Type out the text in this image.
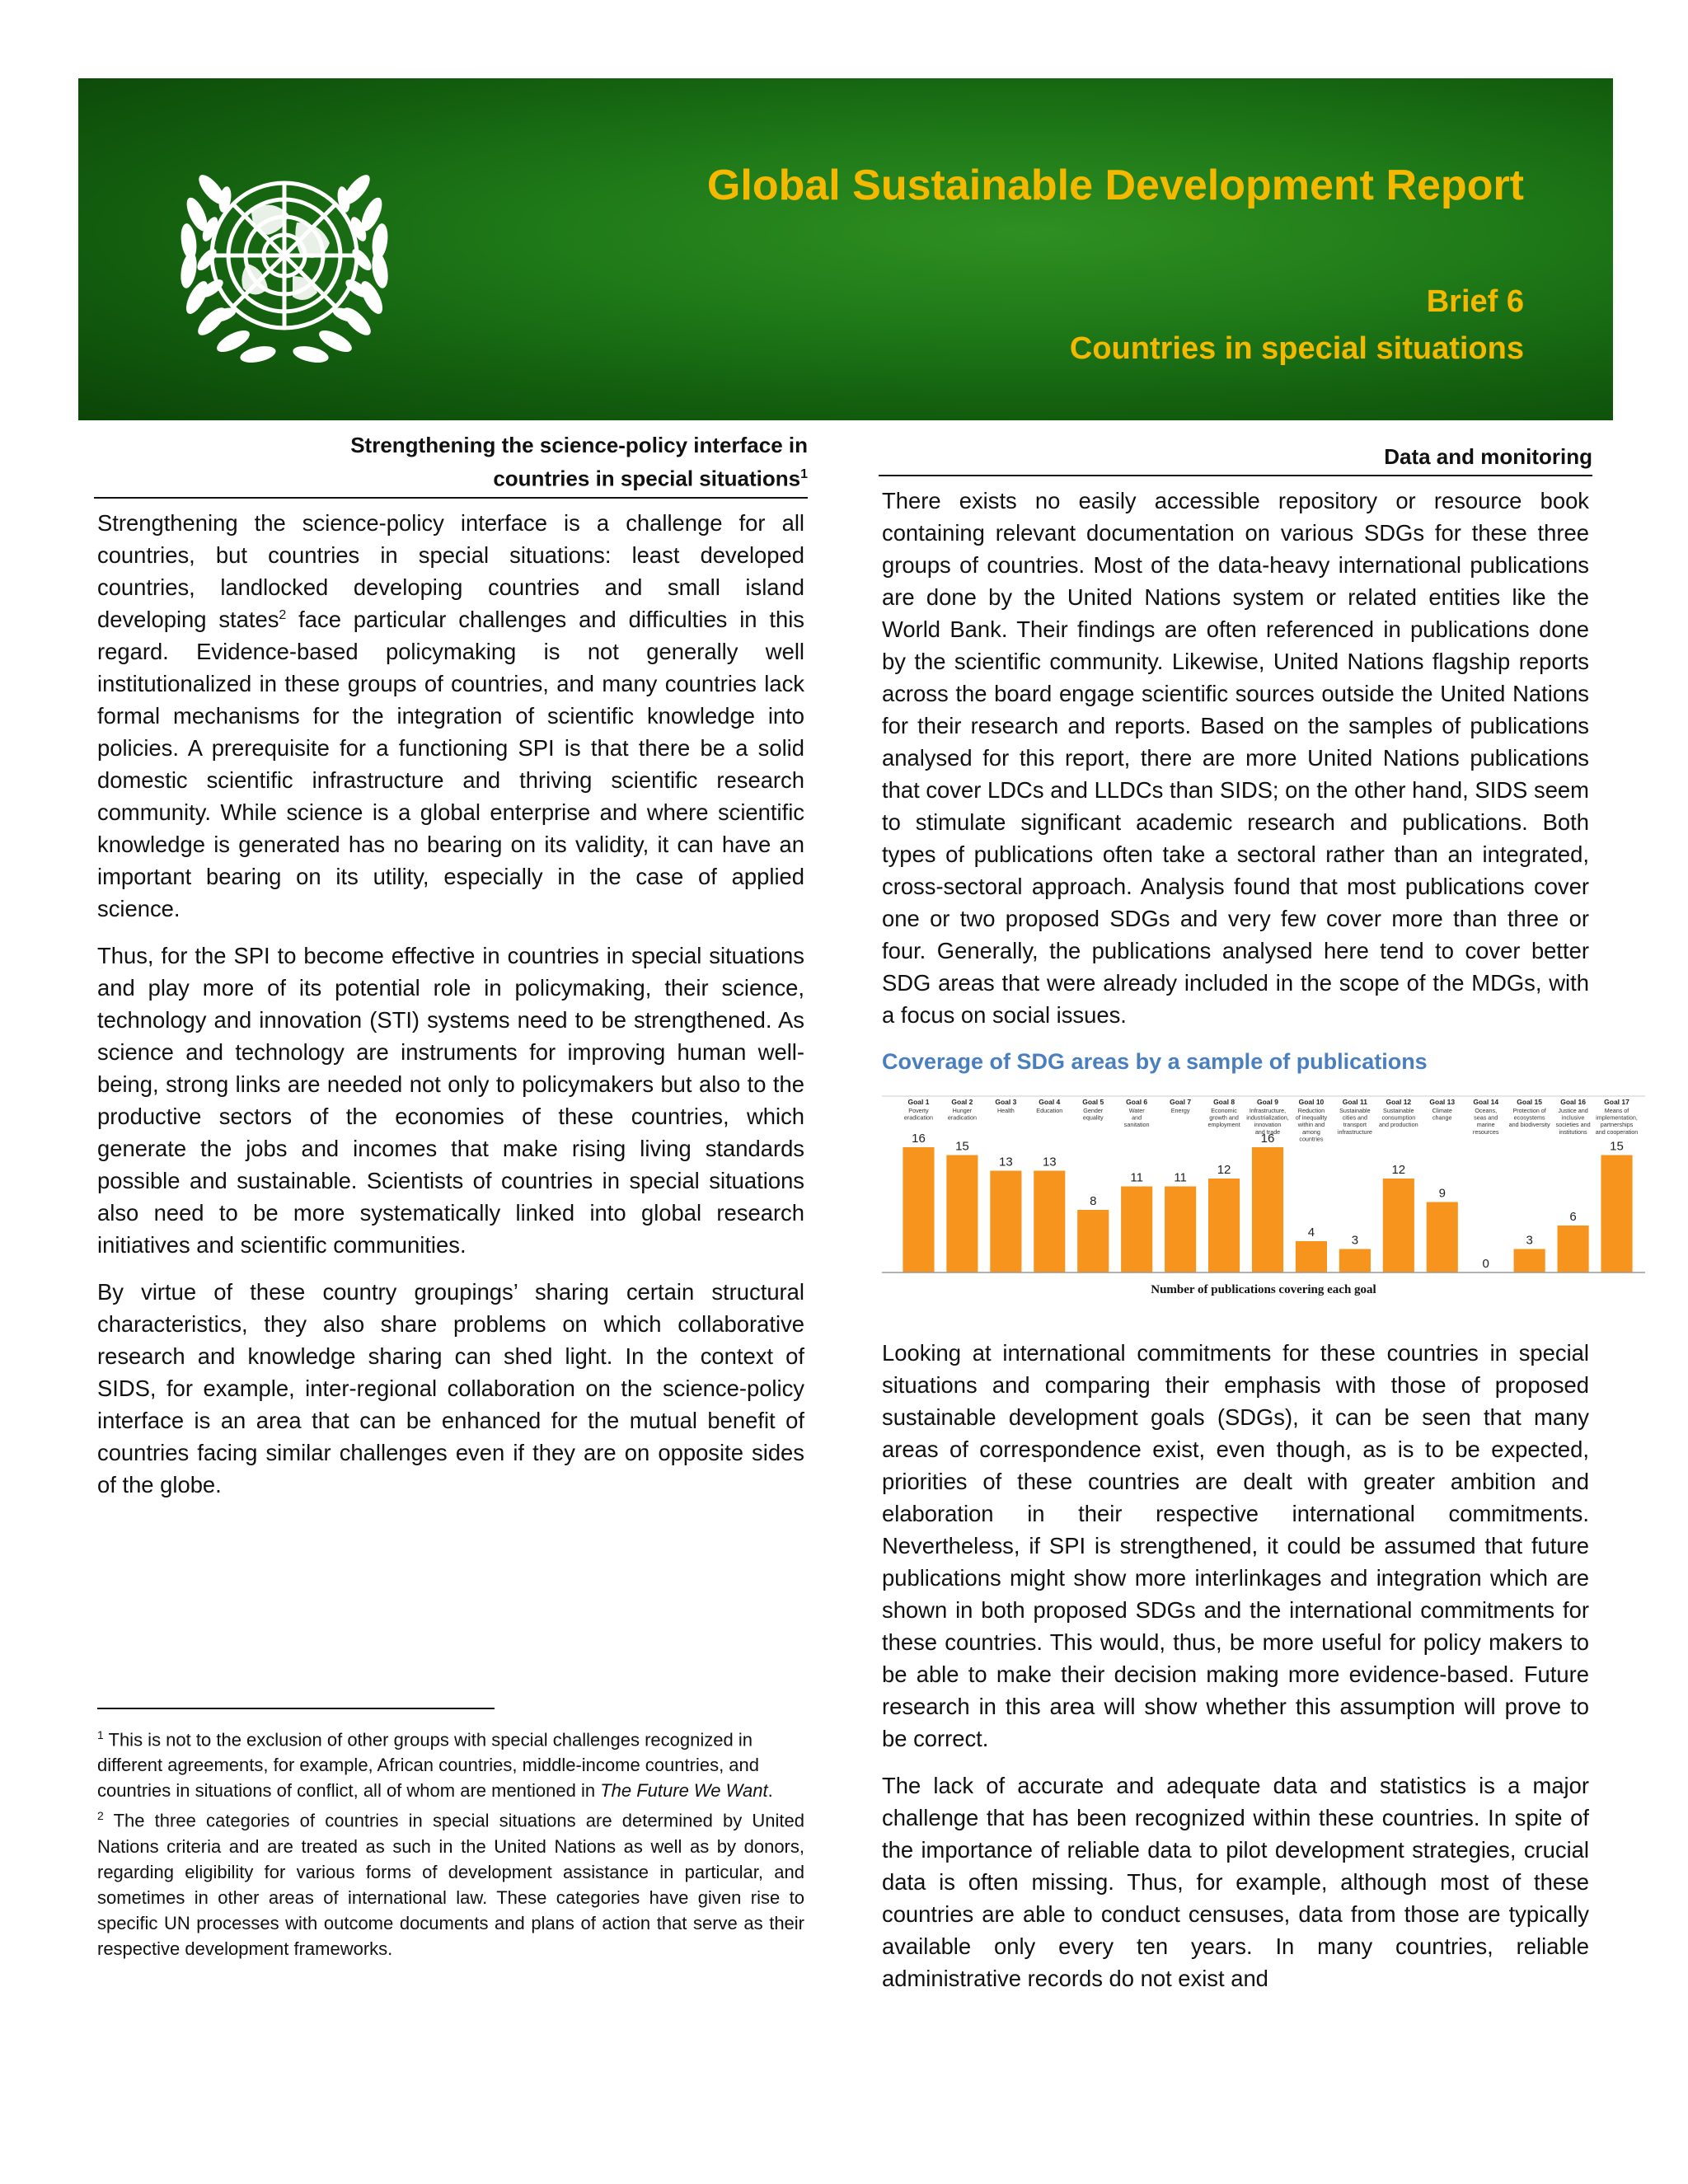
Global Sustainable Development Report
Brief 6
Countries in special situations
Strengthening the science-policy interface in
countries in special situations$^1$

Strengthening the science-policy interface is a challenge for all countries, but countries in special situations: least developed countries, landlocked developing countries and small island developing states$^2$ face particular challenges and difficulties in this regard. Evidence-based policymaking is not generally well institutionalized in these groups of countries, and many countries lack formal mechanisms for the integration of scientific knowledge into policies. A prerequisite for a functioning SPI is that there be a solid domestic scientific infrastructure and thriving scientific research community. While science is a global enterprise and where scientific knowledge is generated has no bearing on its validity, it can have an important bearing on its utility, especially in the case of applied science.

Thus, for the SPI to become effective in countries in special situations and play more of its potential role in policymaking, their science, technology and innovation (STI) systems need to be strengthened. As science and technology are instruments for improving human well-being, strong links are needed not only to policymakers but also to the productive sectors of the economies of these countries, which generate the jobs and incomes that make rising living standards possible and sustainable. Scientists of countries in special situations also need to be more systematically linked into global research initiatives and scientific communities.

By virtue of these country groupings’ sharing certain structural characteristics, they also share problems on which collaborative research and knowledge sharing can shed light. In the context of SIDS, for example, inter-regional collaboration on the science-policy interface is an area that can be enhanced for the mutual benefit of countries facing similar challenges even if they are on opposite sides of the globe.

$^1$ This is not to the exclusion of other groups with special challenges recognized in different agreements, for example, African countries, middle-income countries, and countries in situations of conflict, all of whom are mentioned in The Future We Want.

$^2$ The three categories of countries in special situations are determined by United Nations criteria and are treated as such in the United Nations as well as by donors, regarding eligibility for various forms of development assistance in particular, and sometimes in other areas of international law. These categories have given rise to specific UN processes with outcome documents and plans of action that serve as their respective development frameworks.

Data and monitoring

There exists no easily accessible repository or resource book containing relevant documentation on various SDGs for these three groups of countries. Most of the data-heavy international publications are done by the United Nations system or related entities like the World Bank. Their findings are often referenced in publications done by the scientific community. Likewise, United Nations flagship reports across the board engage scientific sources outside the United Nations for their research and reports. Based on the samples of publications analysed for this report, there are more United Nations publications that cover LDCs and LLDCs than SIDS; on the other hand, SIDS seem to stimulate significant academic research and publications. Both types of publications often take a sectoral rather than an integrated, cross-sectoral approach. Analysis found that most publications cover one or two proposed SDGs and very few cover more than three or four. Generally, the publications analysed here tend to cover better SDG areas that were already included in the scope of the MDGs, with a focus on social issues.

Coverage of SDG areas by a sample of publications
Goal 1
Poverty
eradication
16
Goal 2
Hunger
eradication
15
Goal 3
Health
13
Goal 4
Education
13
Goal 5
Gender
equality
8
Goal 6
Water
and
sanitation
11
Goal 7
Energy
11
Goal 8
Economic
growth and
employment
12
Goal 9
Infrastructure,
industrialization,
innovation
and trade
16
Goal 10
Reduction
of inequality
within and
among
countries
4
Goal 11
Sustainable
cities and
transport
infrastructure
3
Goal 12
Sustainable
consumption
and production
12
Goal 13
Climate
change
9
Goal 14
Oceans,
seas and
marine
resources
0
Goal 15
Protection of
ecosystems
and biodiversity
3
Goal 16
Justice and
inclusive
societies and
institutions
6
Goal 17
Means of
implementation,
partnerships
and cooperation
15
Number of publications covering each goal

Looking at international commitments for these countries in special situations and comparing their emphasis with those of proposed sustainable development goals (SDGs), it can be seen that many areas of correspondence exist, even though, as is to be expected, priorities of these countries are dealt with greater ambition and elaboration in their respective international commitments. Nevertheless, if SPI is strengthened, it could be assumed that future publications might show more interlinkages and integration which are shown in both proposed SDGs and the international commitments for these countries. This would, thus, be more useful for policy makers to be able to make their decision making more evidence-based. Future research in this area will show whether this assumption will prove to be correct.

The lack of accurate and adequate data and statistics is a major challenge that has been recognized within these countries. In spite of the importance of reliable data to pilot development strategies, crucial data is often missing. Thus, for example, although most of these countries are able to conduct censuses, data from those are typically available only every ten years. In many countries, reliable administrative records do not exist and
